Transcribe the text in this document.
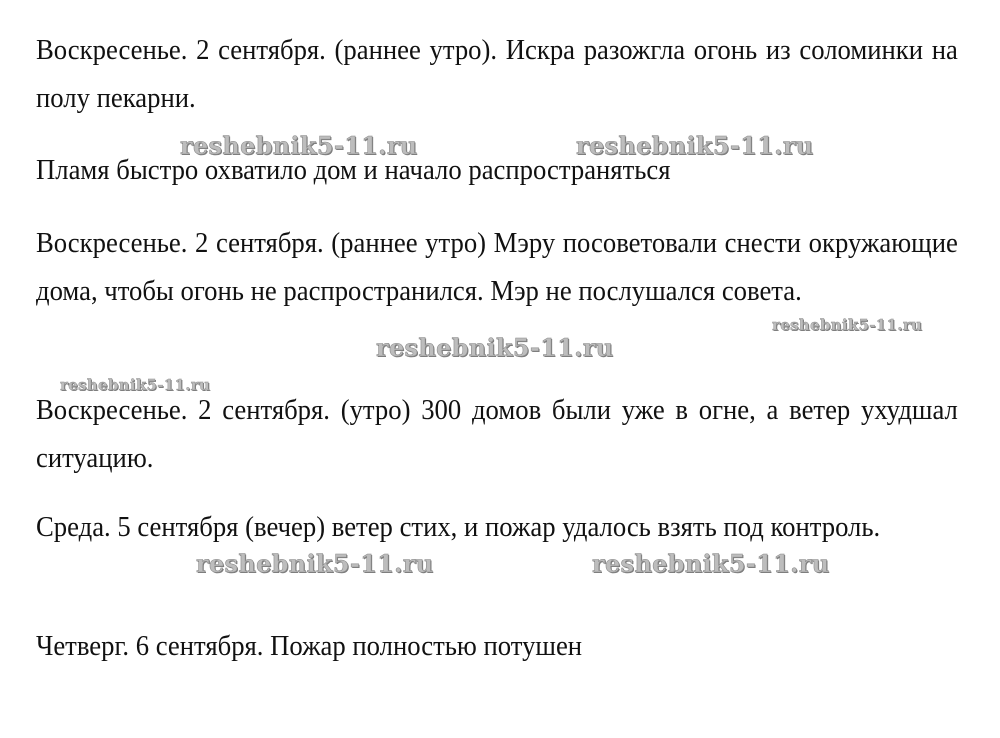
Воскресенье. 2 сентября. (раннее утро). Искра разожгла огонь из соломинки на полу пекарни.

Пламя быстро охватило дом и начало распространяться

Воскресенье. 2 сентября. (раннее утро) Мэру посоветовали снести окружающие дома, чтобы огонь не распространился. Мэр не послушался совета.

Воскресенье. 2 сентября. (утро) 300 домов были уже в огне, а ветер ухудшал ситуацию.

Среда. 5 сентября (вечер) ветер стих, и пожар удалось взять под контроль.

Четверг. 6 сентября. Пожар полностью потушен

reshebnik5-11.ru	reshebnik5-11.ru
reshebnik5-11.ru
reshebnik5-11.ru
reshebnik5-11.ru
reshebnik5-11.ru	reshebnik5-11.ru
